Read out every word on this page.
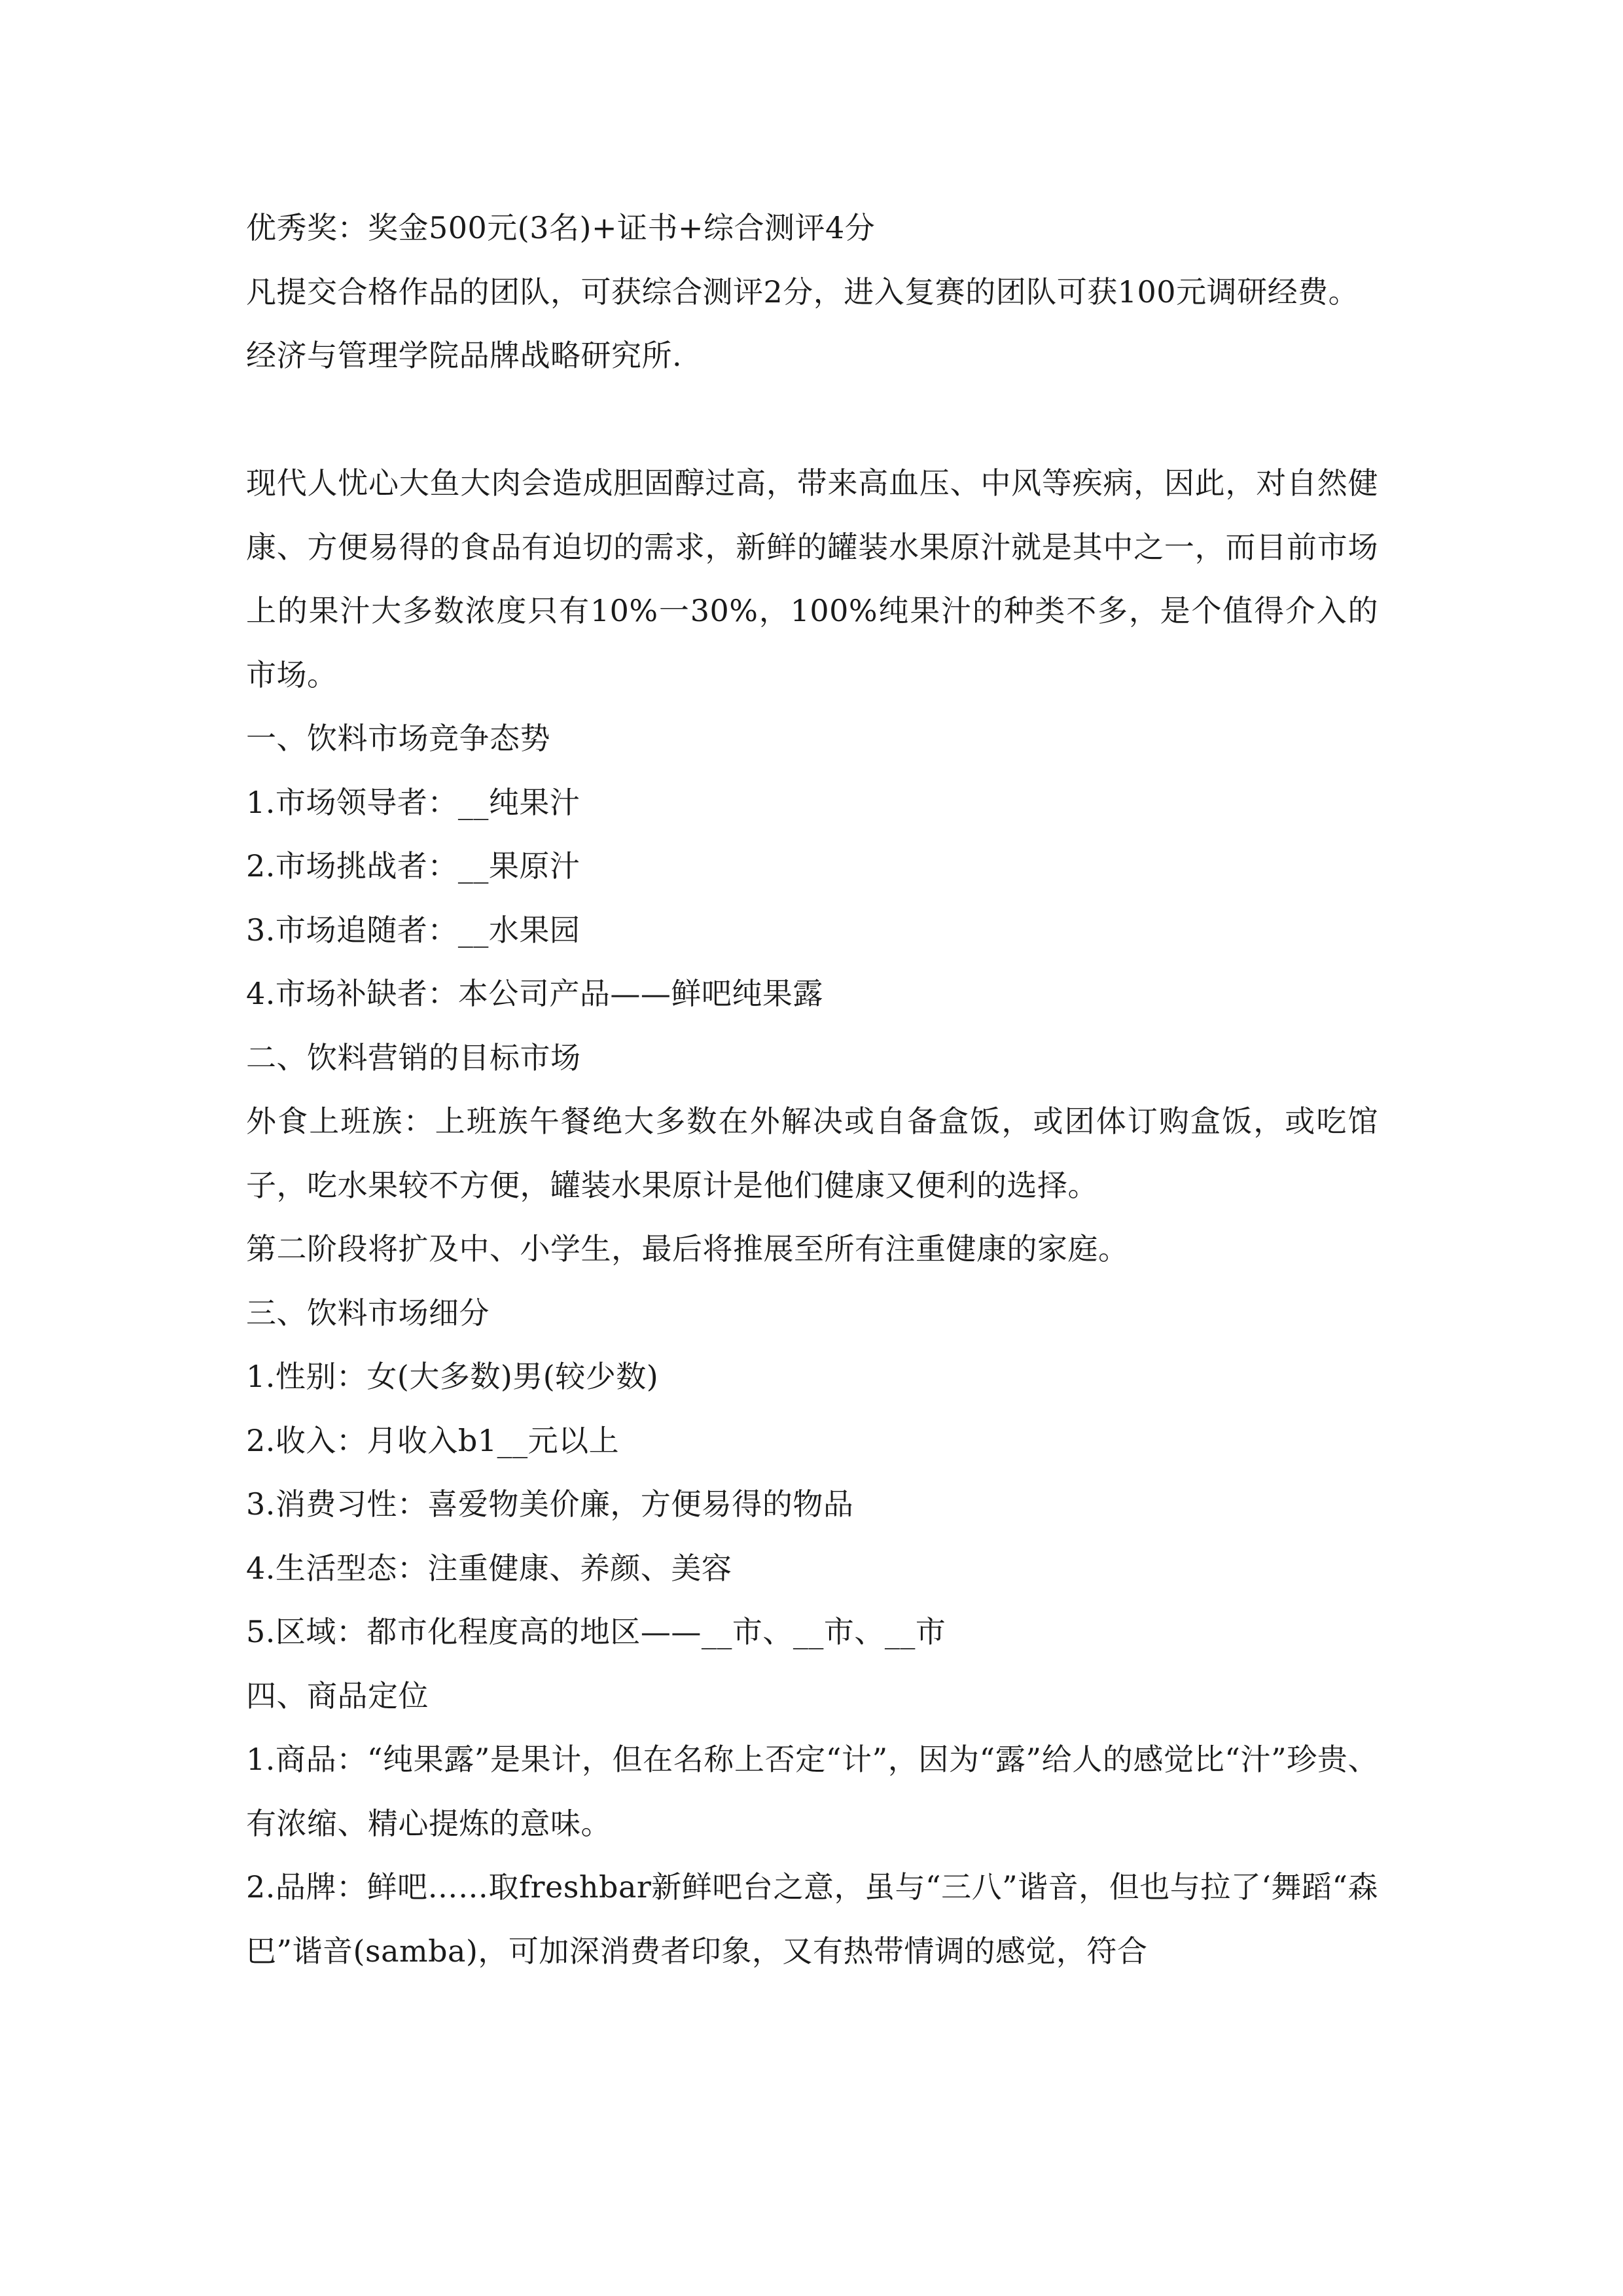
优秀奖：奖金500元(3名)+证书+综合测评4分

凡提交合格作品的团队，可获综合测评2分，进入复赛的团队可获100元调研经费。

经济与管理学院品牌战略研究所.

现代人忧心大鱼大肉会造成胆固醇过高，带来高血压、中风等疾病，因此，对自然健康、方便易得的食品有迫切的需求，新鲜的罐装水果原汁就是其中之一，而目前市场上的果汁大多数浓度只有10%一30%，100%纯果汁的种类不多，是个值得介入的市场。

一、饮料市场竞争态势

1.市场领导者：__纯果汁

2.市场挑战者：__果原汁

3.市场追随者：__水果园

4.市场补缺者：本公司产品——鲜吧纯果露

二、饮料营销的目标市场

外食上班族：上班族午餐绝大多数在外解决或自备盒饭，或团体订购盒饭，或吃馆子，吃水果较不方便，罐装水果原计是他们健康又便利的选择。

第二阶段将扩及中、小学生，最后将推展至所有注重健康的家庭。

三、饮料市场细分

1.性别：女(大多数)男(较少数)

2.收入：月收入b1__元以上

3.消费习性：喜爱物美价廉，方便易得的物品

4.生活型态：注重健康、养颜、美容

5.区域：都市化程度高的地区——__市、__市、__市

四、商品定位

1.商品：“纯果露”是果计，但在名称上否定“计”，因为“露”给人的感觉比“汁”珍贵、有浓缩、精心提炼的意味。

2.品牌：鲜吧……取freshbar新鲜吧台之意，虽与“三八”谐音，但也与拉了‘舞蹈“森巴”谐音(samba)，可加深消费者印象，又有热带情调的感觉，符合
